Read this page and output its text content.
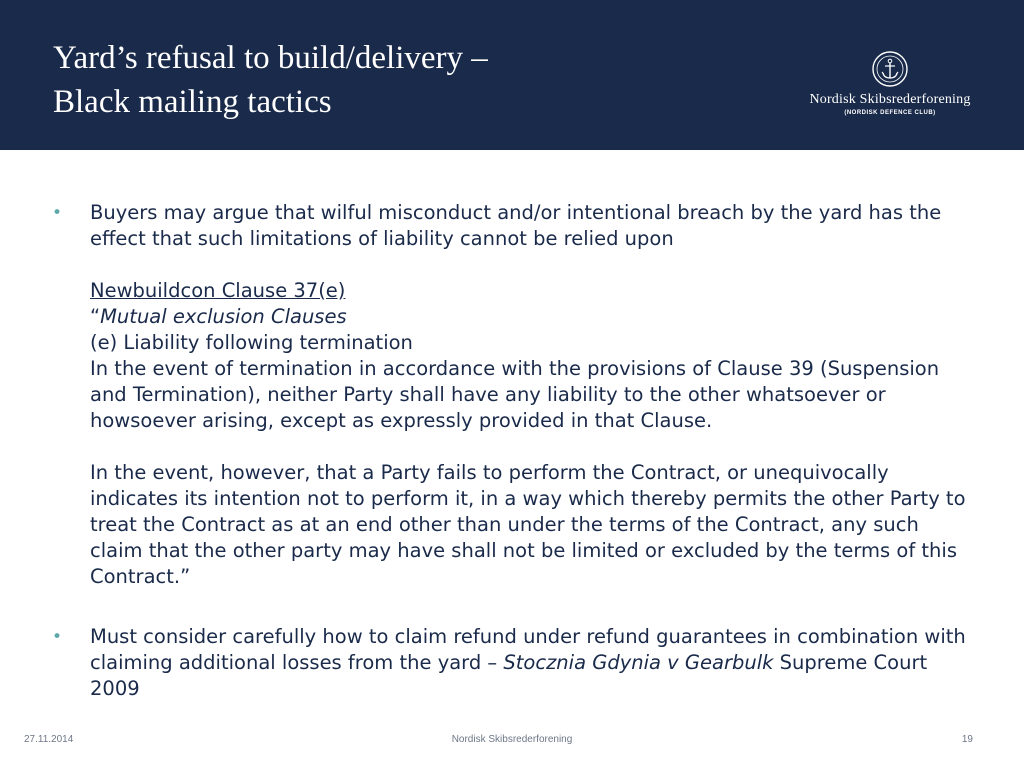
Yard’s refusal to build/delivery –
Black mailing tactics	Nordisk Skibsrederforening
(NORDISK DEFENCE CLUB)
• Buyers may argue that wilful misconduct and/or intentional breach by the yard has the effect that such limitations of liability cannot be relied upon

Newbuildcon Clause 37(e)

“Mutual exclusion Clauses

(e) Liability following termination

In the event of termination in accordance with the provisions of Clause 39 (Suspension and Termination), neither Party shall have any liability to the other whatsoever or howsoever arising, except as expressly provided in that Clause.

In the event, however, that a Party fails to perform the Contract, or unequivocally indicates its intention not to perform it, in a way which thereby permits the other Party to treat the Contract as at an end other than under the terms of the Contract, any such claim that the other party may have shall not be limited or excluded by the terms of this Contract.”

• Must consider carefully how to claim refund under refund guarantees in combination with claiming additional losses from the yard – Stocznia Gdynia v Gearbulk Supreme Court 2009

27.11.2014	Nordisk Skibsrederforening	19
